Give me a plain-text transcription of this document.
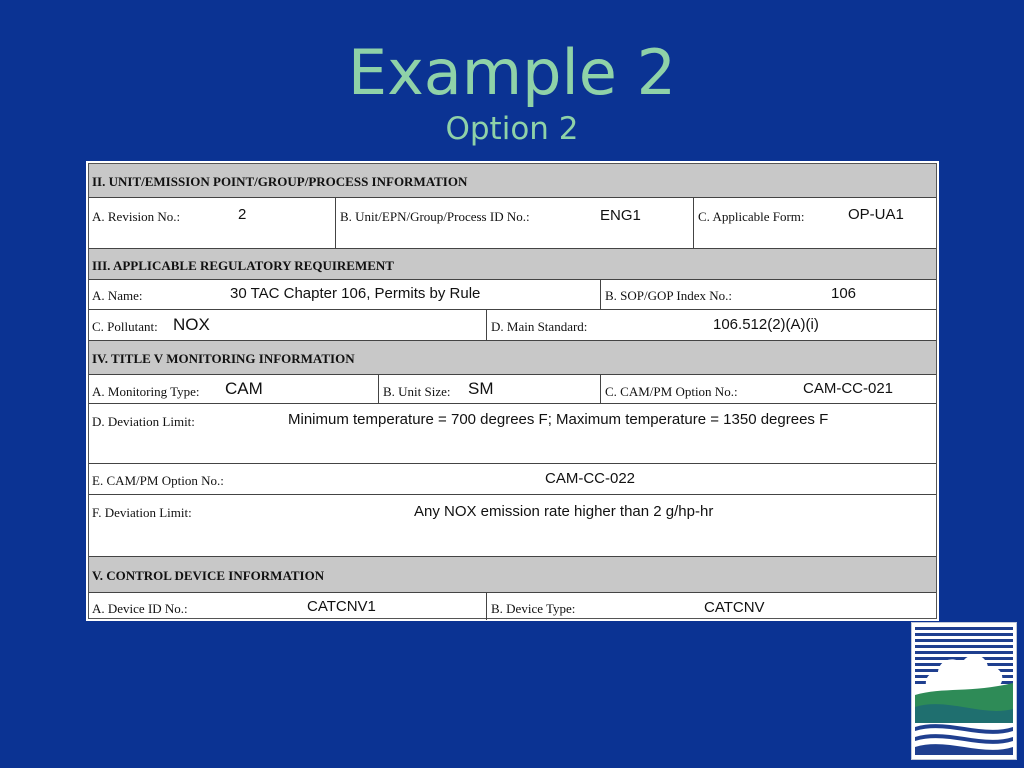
Example 2
Option 2
II. UNIT/EMISSION POINT/GROUP/PROCESS INFORMATION
A. Revision No.:	2	B. Unit/EPN/Group/Process ID No.:	ENG1	C. Applicable Form:	OP-UA1
III. APPLICABLE REGULATORY REQUIREMENT
A. Name:	30 TAC Chapter 106, Permits by Rule	B. SOP/GOP Index No.:	106
C. Pollutant: NOX	D. Main Standard:	106.512(2)(A)(i)
IV. TITLE V MONITORING INFORMATION
A. Monitoring Type: CAM	B. Unit Size: SM	C. CAM/PM Option No.:	CAM-CC-021
D. Deviation Limit:	Minimum temperature = 700 degrees F; Maximum temperature = 1350 degrees F
E. CAM/PM Option No.:	CAM-CC-022
F. Deviation Limit:	Any NOX emission rate higher than 2 g/hp-hr
V. CONTROL DEVICE INFORMATION
A. Device ID No.:	CATCNV1	B. Device Type:	CATCNV
